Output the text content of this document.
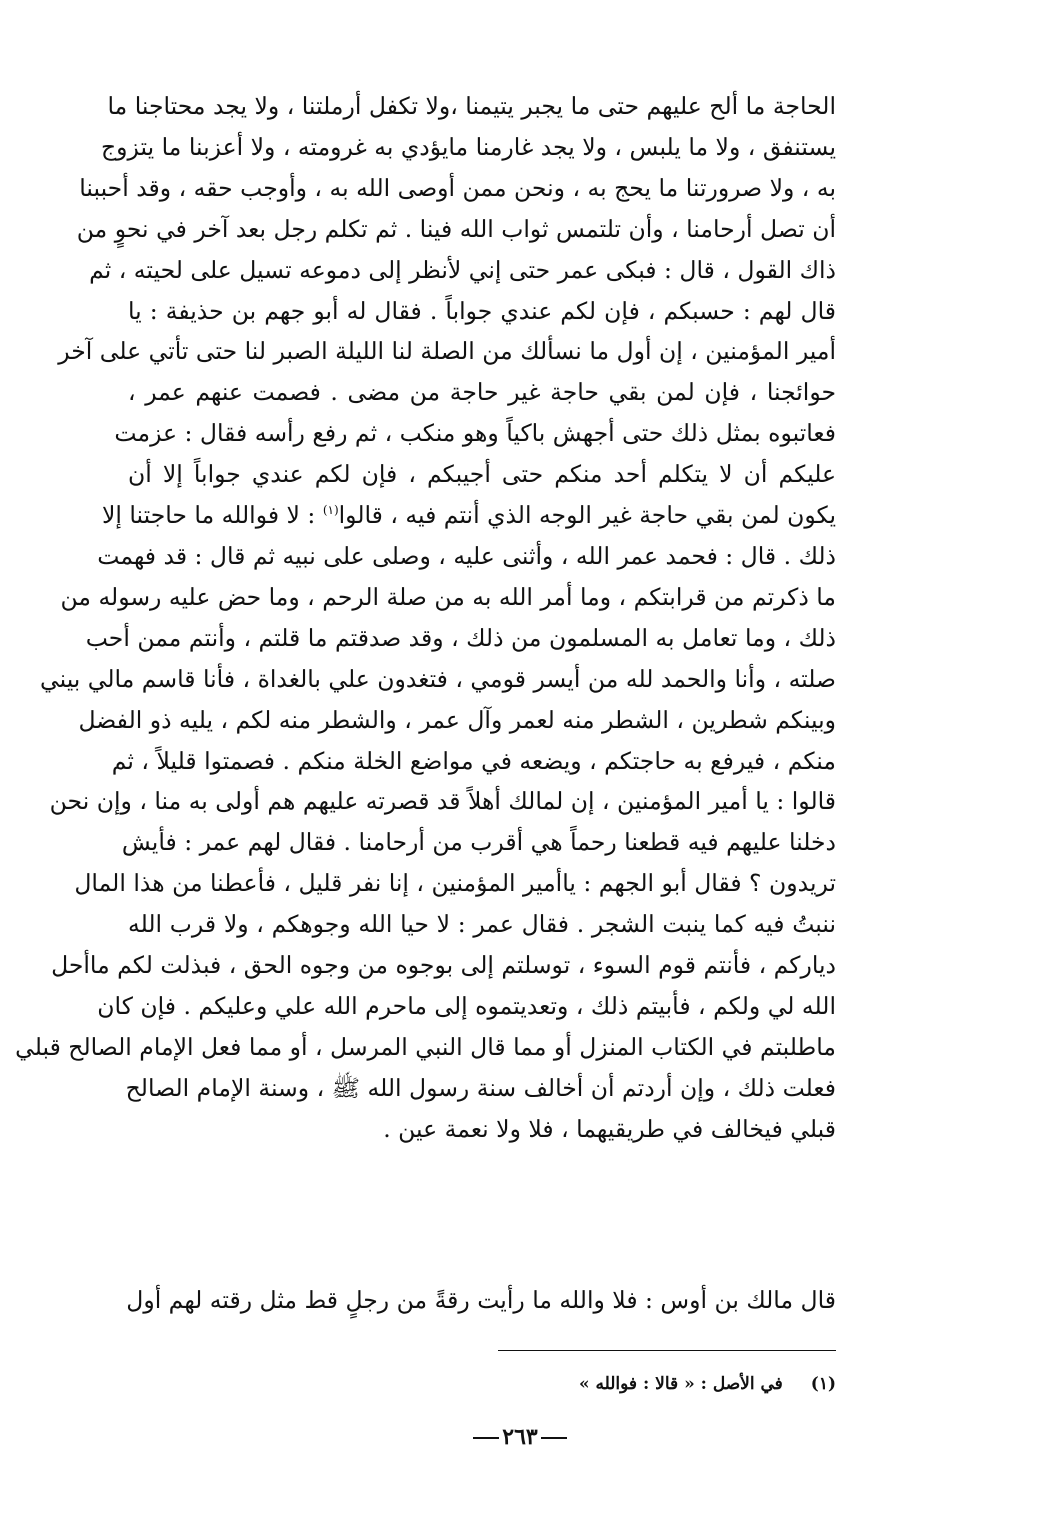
الحاجة ما ألح عليهم حتى ما يجبر يتيمنا ،ولا تكفل أرملتنا ، ولا يجد محتاجنا ما
يستنفق ، ولا ما يلبس ، ولا يجد غارمنا مايؤدي به غرومته ، ولا أعزبنا ما يتزوج
به ، ولا صرورتنا ما يحج به ، ونحن ممن أوصى الله به ، وأوجب حقه ، وقد أحببنا
أن تصل أرحامنا ، وأن تلتمس ثواب الله فينا . ثم تكلم رجل بعد آخر في نحوٍ من
ذاك القول ، قال : فبكى عمر حتى إني لأنظر إلى دموعه تسيل على لحيته ، ثم
قال لهم : حسبكم ، فإن لكم عندي جواباً . فقال له أبو جهم بن حذيفة : يا
أمير المؤمنين ، إن أول ما نسألك من الصلة لنا الليلة الصبر لنا حتى تأتي على آخر
حوائجنا ، فإن لمن بقي حاجة غير حاجة من مضى . فصمت عنهم عمر ،
فعاتبوه بمثل ذلك حتى أجهش باكياً وهو منكب ، ثم رفع رأسه فقال : عزمت
عليكم أن لا يتكلم أحد منكم حتى أجيبكم ، فإن لكم عندي جواباً إلا أن
يكون لمن بقي حاجة غير الوجه الذي أنتم فيه ، قالوا$^{(١)}$ : لا فوالله ما حاجتنا إلا
ذلك . قال : فحمد عمر الله ، وأثنى عليه ، وصلى على نبيه ثم قال : قد فهمت
ما ذكرتم من قرابتكم ، وما أمر الله به من صلة الرحم ، وما حض عليه رسوله من
ذلك ، وما تعامل به المسلمون من ذلك ، وقد صدقتم ما قلتم ، وأنتم ممن أحب
صلته ، وأنا والحمد لله من أيسر قومي ، فتغدون علي بالغداة ، فأنا قاسم مالي بيني
وبينكم شطرين ، الشطر منه لعمر وآل عمر ، والشطر منه لكم ، يليه ذو الفضل
منكم ، فيرفع به حاجتكم ، ويضعه في مواضع الخلة منكم . فصمتوا قليلاً ، ثم
قالوا : يا أمير المؤمنين ، إن لمالك أهلاً قد قصرته عليهم هم أولى به منا ، وإن نحن
دخلنا عليهم فيه قطعنا رحماً هي أقرب من أرحامنا . فقال لهم عمر : فأيش
تريدون ؟ فقال أبو الجهم : ياأمير المؤمنين ، إنا نفر قليل ، فأعطنا من هذا المال
ننبتُ فيه كما ينبت الشجر . فقال عمر : لا حيا الله وجوهكم ، ولا قرب الله
دياركم ، فأنتم قوم السوء ، توسلتم إلى بوجوه من وجوه الحق ، فبذلت لكم ماأحل
الله لي ولكم ، فأبيتم ذلك ، وتعديتموه إلى ماحرم الله علي وعليكم . فإن كان
ماطلبتم في الكتاب المنزل أو مما قال النبي المرسل ، أو مما فعل الإمام الصالح قبلي
فعلت ذلك ، وإن أردتم أن أخالف سنة رسول الله ﷺ ، وسنة الإمام الصالح
قبلي فيخالف في طريقيهما ، فلا ولا نعمة عين .
قال مالك بن أوس : فلا والله ما رأيت رقةً من رجلٍ قط مثل رقته لهم أول
(١)في الأصل : « قالا : فوالله »
٢٦٣
